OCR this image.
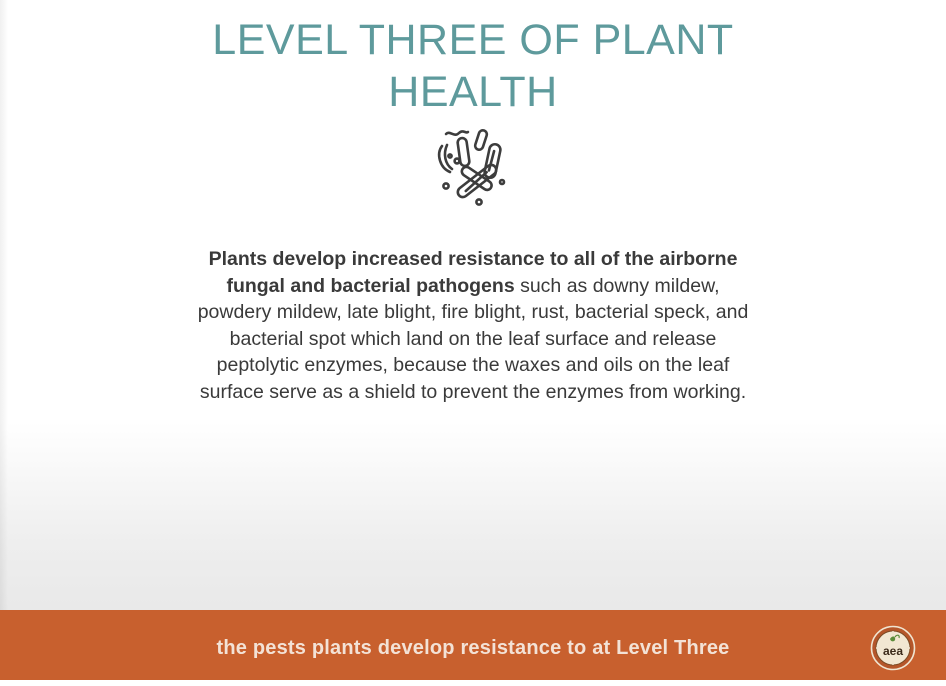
LEVEL THREE OF PLANT
HEALTH

Plants develop increased resistance to all of the airborne fungal and bacterial pathogens such as downy mildew, powdery mildew, late blight, fire blight, rust, bacterial speck, and bacterial spot which land on the leaf surface and release peptolytic enzymes, because the waxes and oils on the leaf surface serve as a shield to prevent the enzymes from working.

the pests plants develop resistance to at Level Three	aea
